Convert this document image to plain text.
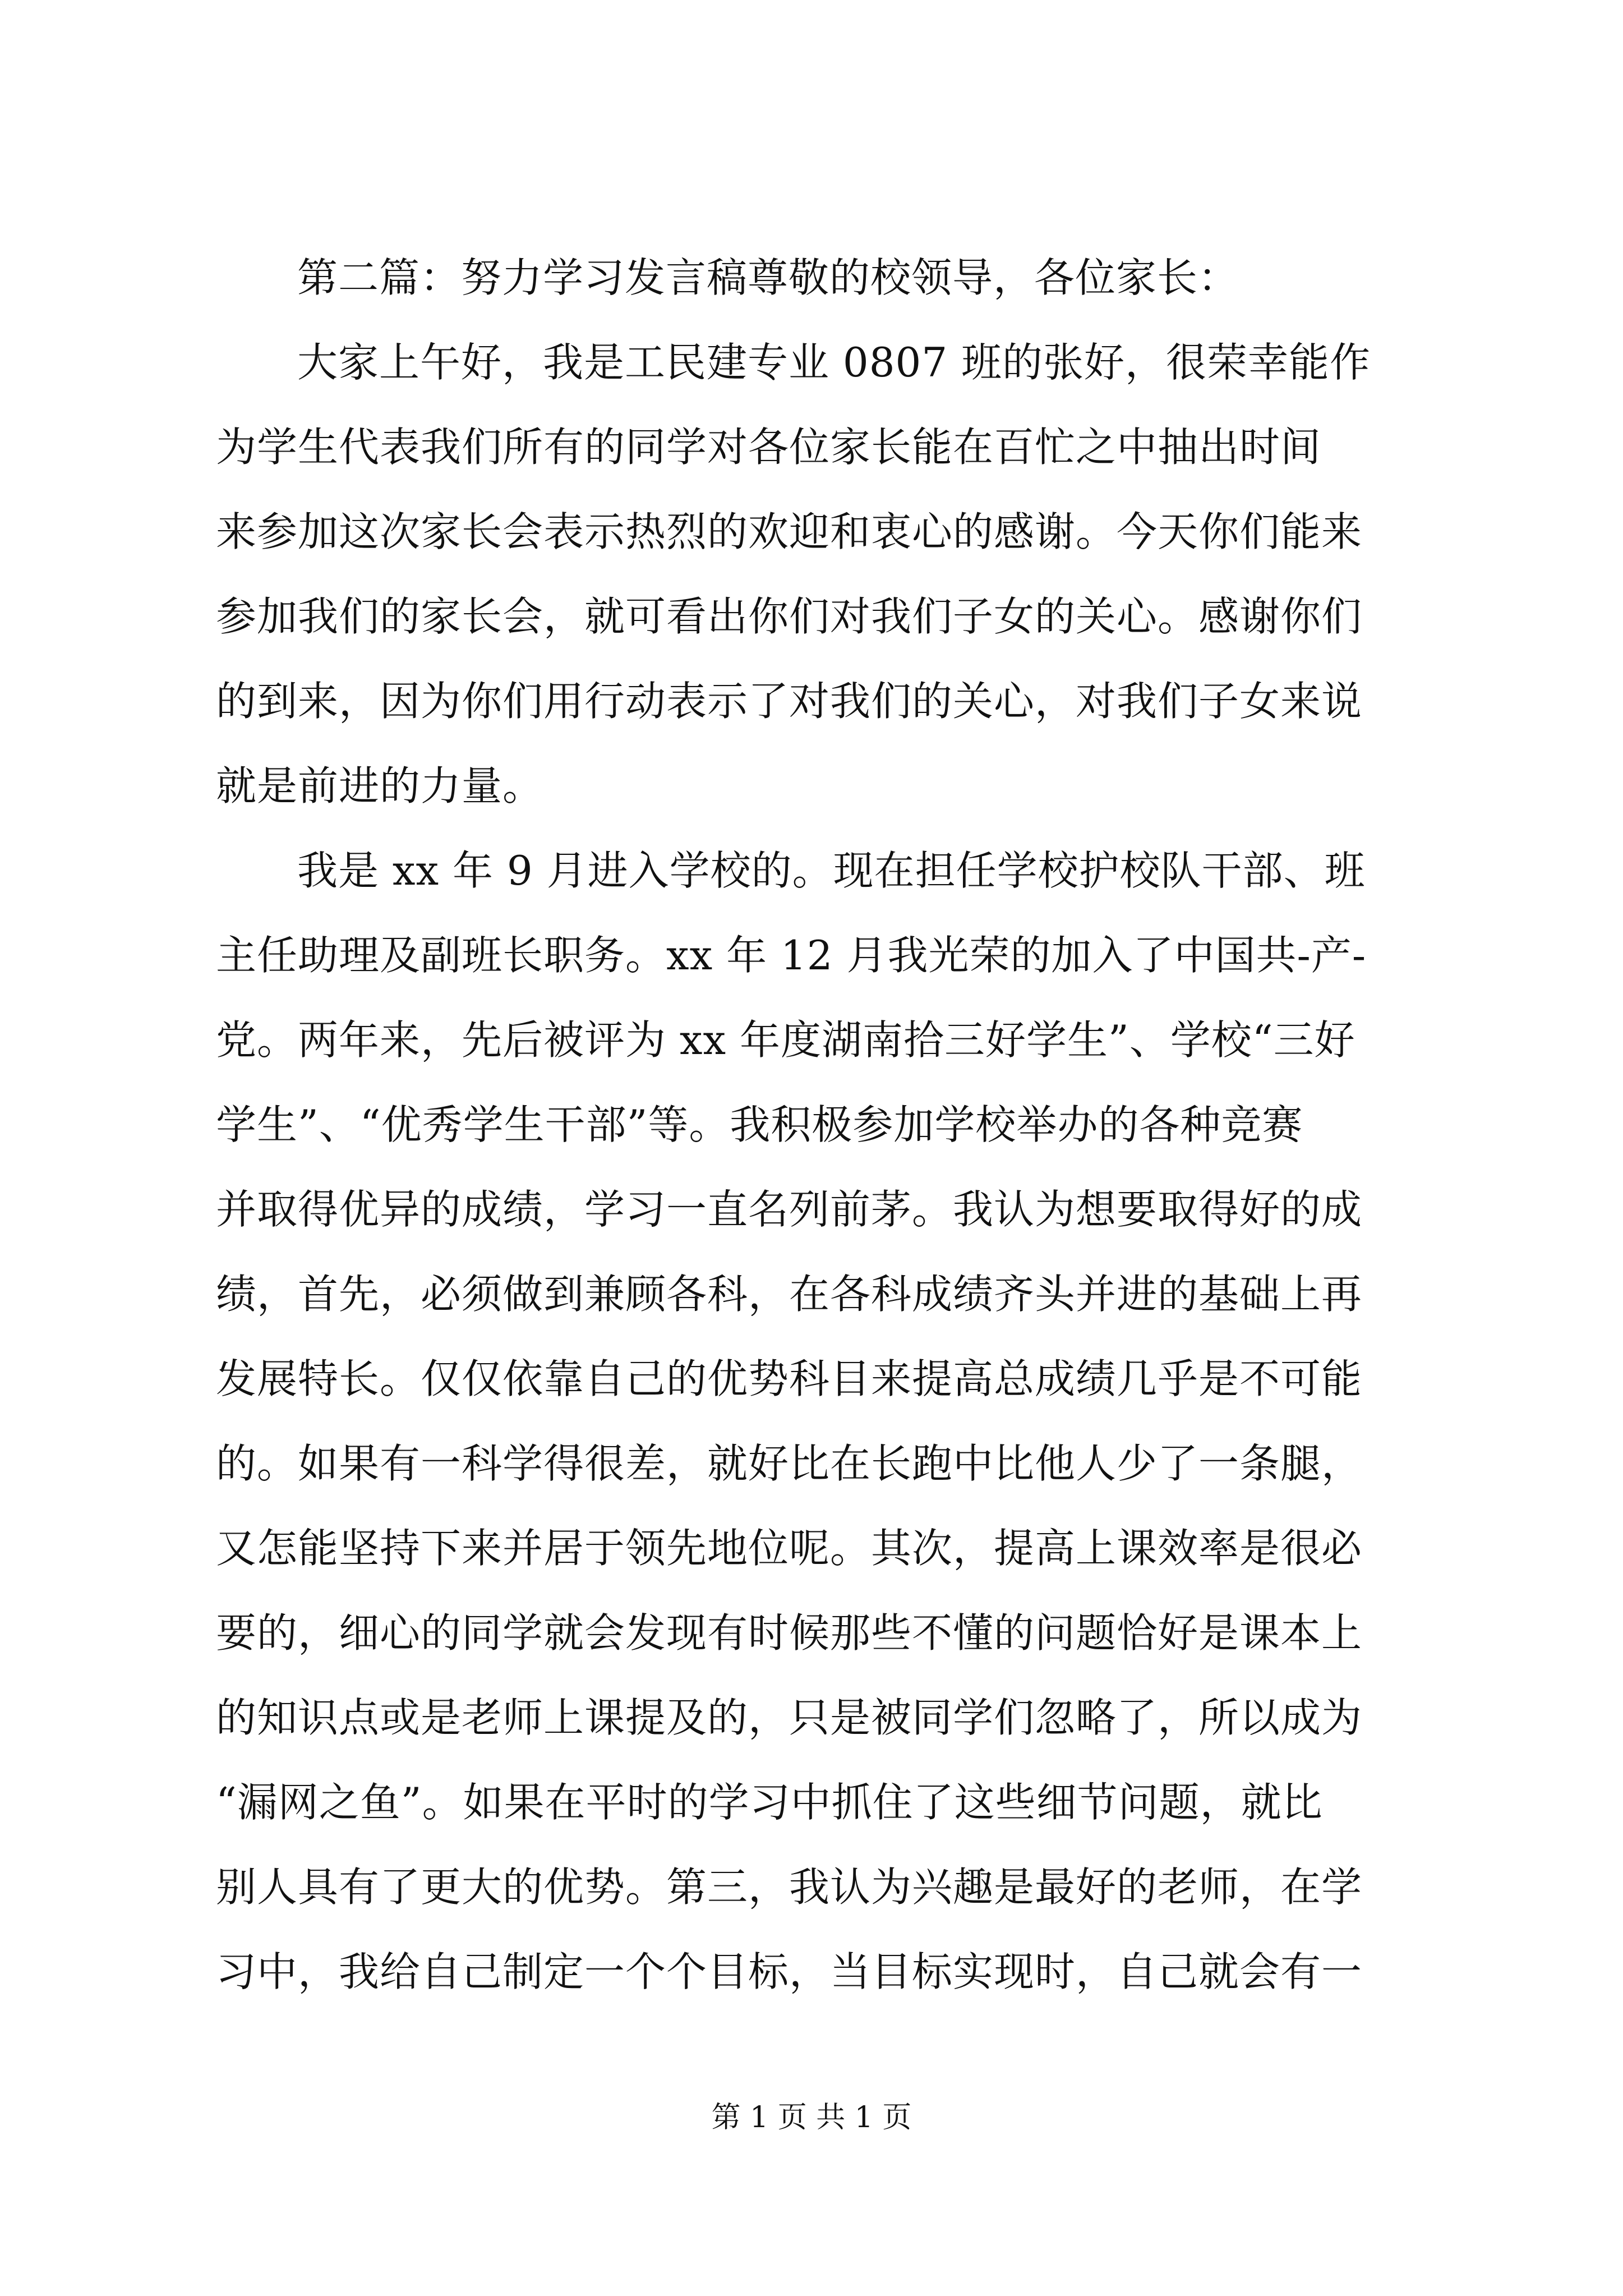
第二篇：努力学习发言稿尊敬的校领导，各位家长：
大家上午好，我是工民建专业 0807 班的张好，很荣幸能作
为学生代表我们所有的同学对各位家长能在百忙之中抽出时间
来参加这次家长会表示热烈的欢迎和衷心的感谢。今天你们能来
参加我们的家长会，就可看出你们对我们子女的关心。感谢你们
的到来，因为你们用行动表示了对我们的关心，对我们子女来说
就是前进的力量。
我是 xx 年 9 月进入学校的。现在担任学校护校队干部、班
主任助理及副班长职务。xx 年 12 月我光荣的加入了中国共-产-
党。两年来，先后被评为 xx 年度湖南拾三好学生”、学校“三好
学生”、“优秀学生干部”等。我积极参加学校举办的各种竞赛
并取得优异的成绩，学习一直名列前茅。我认为想要取得好的成
绩，首先，必须做到兼顾各科，在各科成绩齐头并进的基础上再
发展特长。仅仅依靠自己的优势科目来提高总成绩几乎是不可能
的。如果有一科学得很差，就好比在长跑中比他人少了一条腿，
又怎能坚持下来并居于领先地位呢。其次，提高上课效率是很必
要的，细心的同学就会发现有时候那些不懂的问题恰好是课本上
的知识点或是老师上课提及的，只是被同学们忽略了，所以成为
“漏网之鱼”。如果在平时的学习中抓住了这些细节问题，就比
别人具有了更大的优势。第三，我认为兴趣是最好的老师，在学
习中，我给自己制定一个个目标，当目标实现时，自己就会有一
第 1 页 共 1 页
